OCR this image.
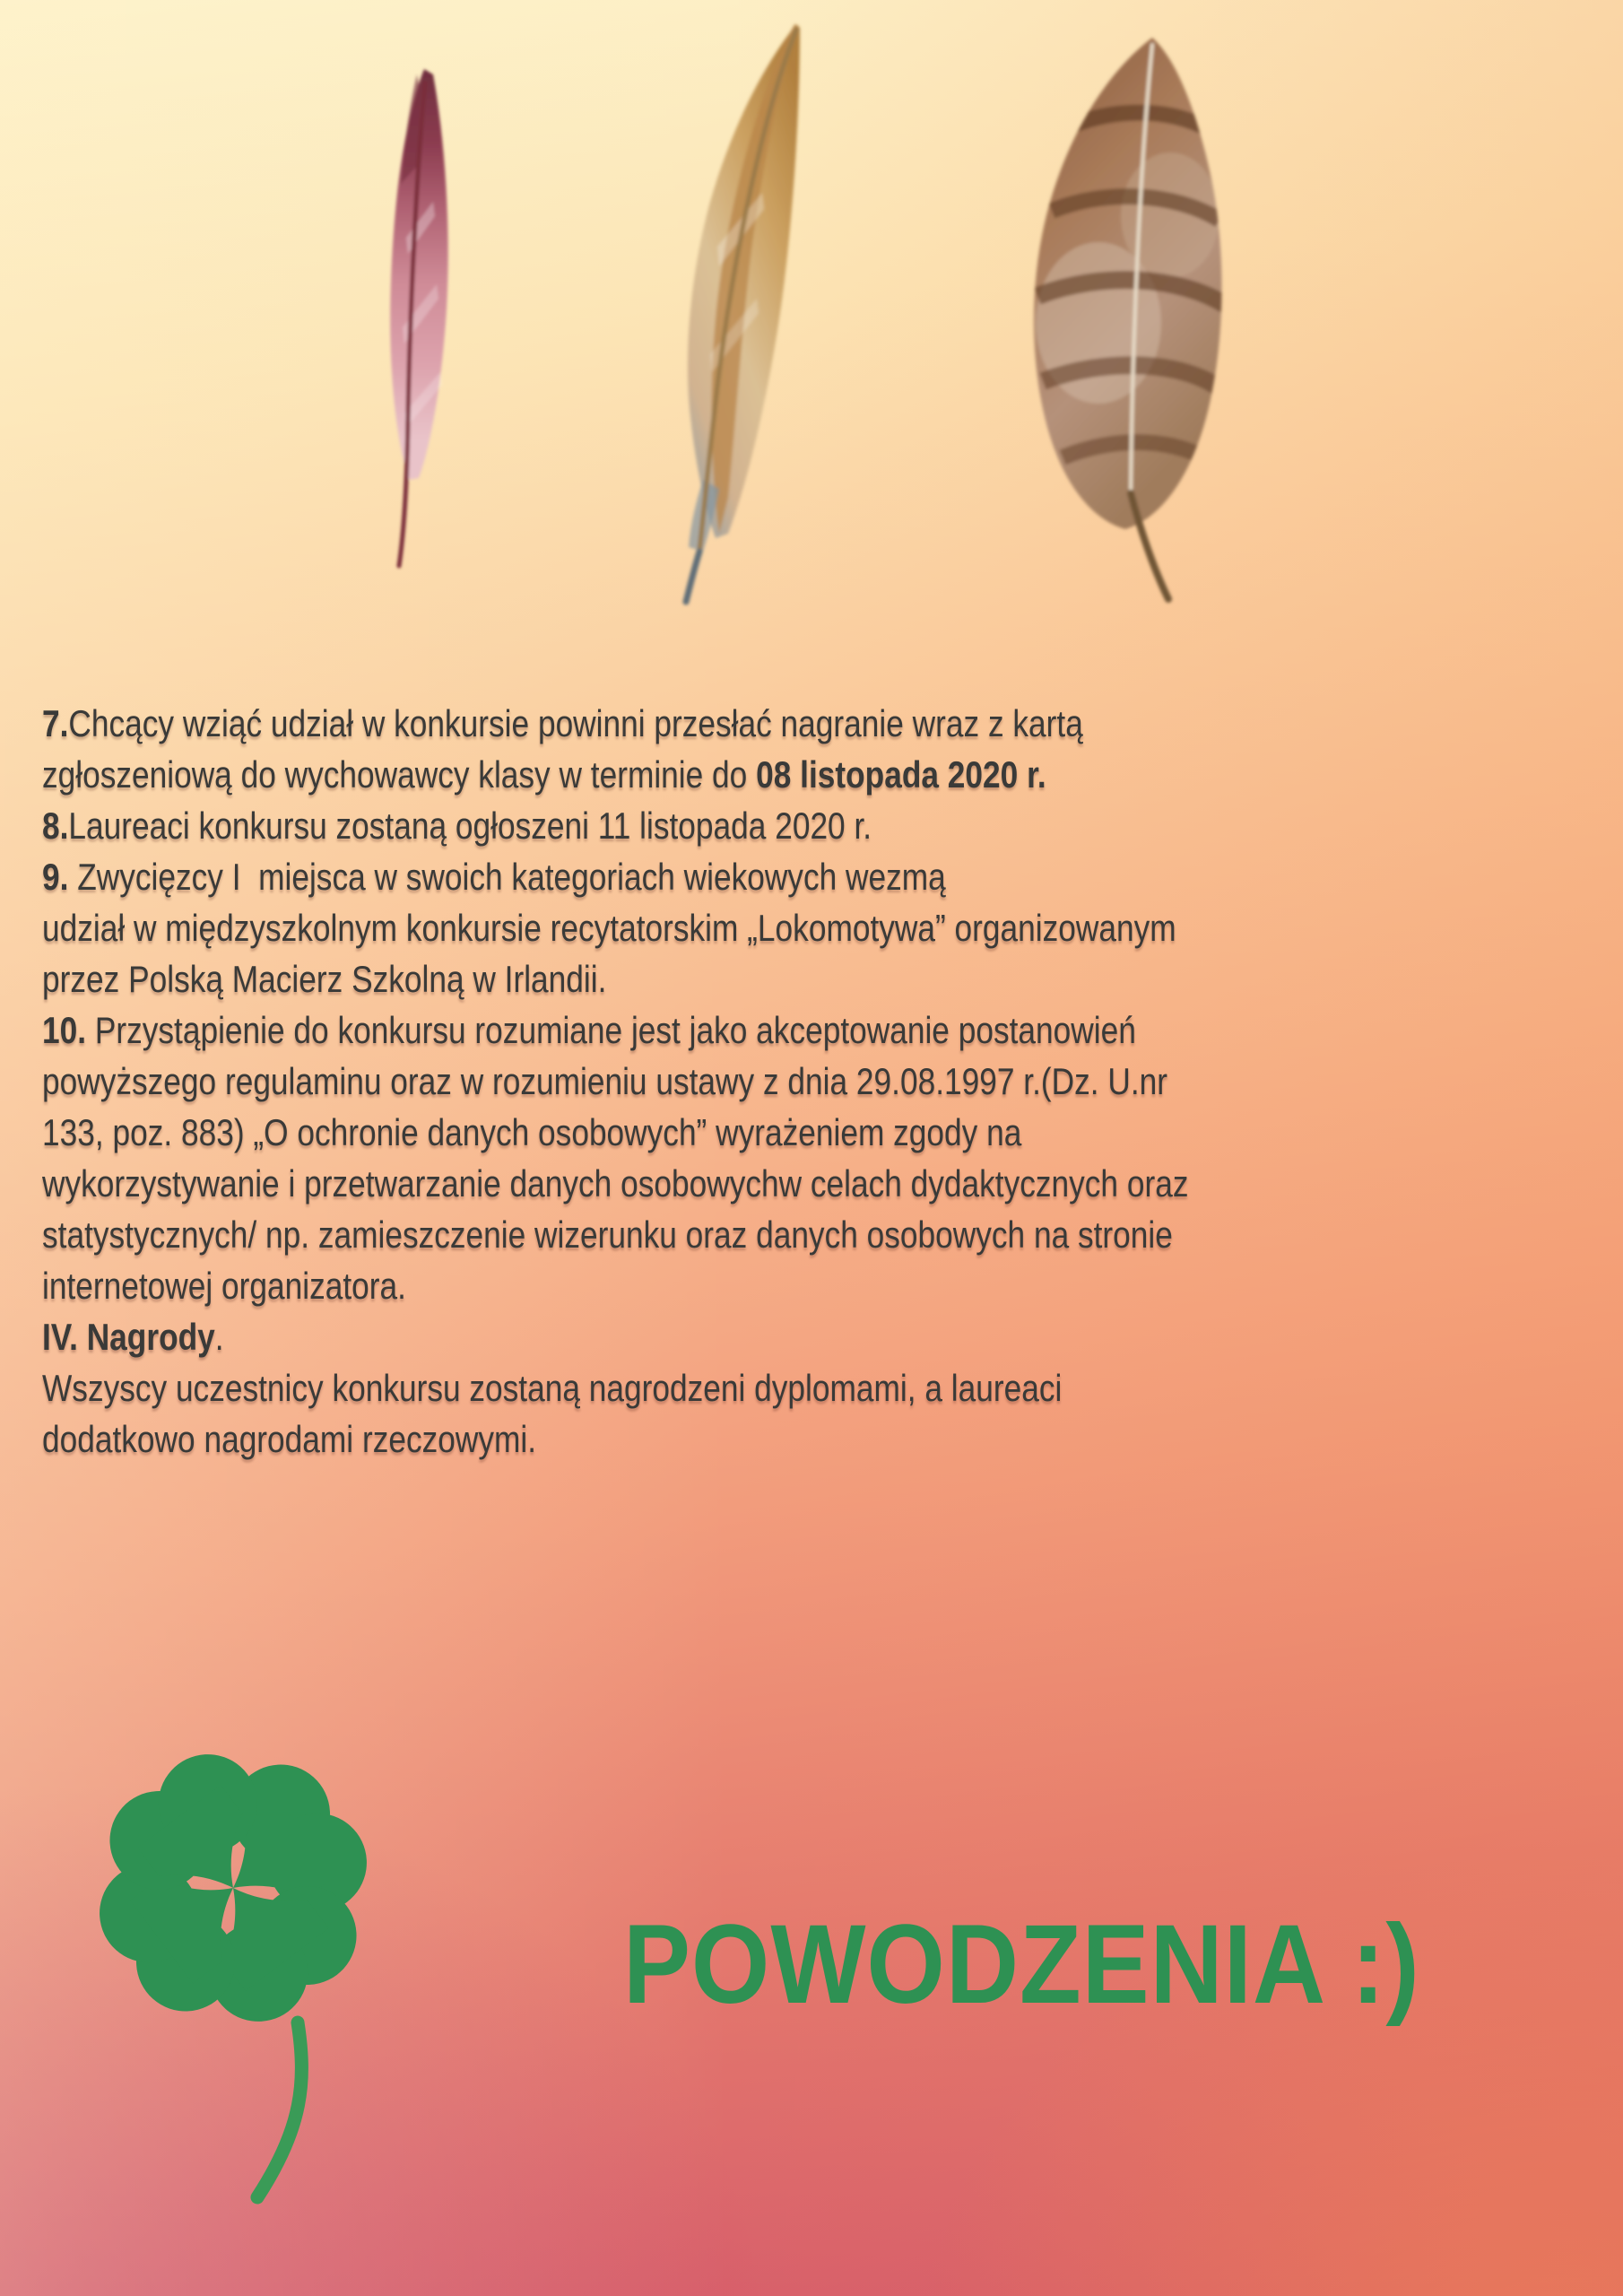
7.Chcący wziąć udział w konkursie powinni przesłać nagranie wraz z kartą
zgłoszeniową do wychowawcy klasy w terminie do 08 listopada 2020 r.
8.Laureaci konkursu zostaną ogłoszeni 11 listopada 2020 r.
9. Zwycięzcy I  miejsca w swoich kategoriach wiekowych wezmą
udział w międzyszkolnym konkursie recytatorskim „Lokomotywa” organizowanym
przez Polską Macierz Szkolną w Irlandii.
10. Przystąpienie do konkursu rozumiane jest jako akceptowanie postanowień
powyższego regulaminu oraz w rozumieniu ustawy z dnia 29.08.1997 r.(Dz. U.nr
133, poz. 883) „O ochronie danych osobowych” wyrażeniem zgody na
wykorzystywanie i przetwarzanie danych osobowychw celach dydaktycznych oraz
statystycznych/ np. zamieszczenie wizerunku oraz danych osobowych na stronie
internetowej organizatora.
IV. Nagrody.
Wszyscy uczestnicy konkursu zostaną nagrodzeni dyplomami, a laureaci
dodatkowo nagrodami rzeczowymi.
POWODZENIA :)
